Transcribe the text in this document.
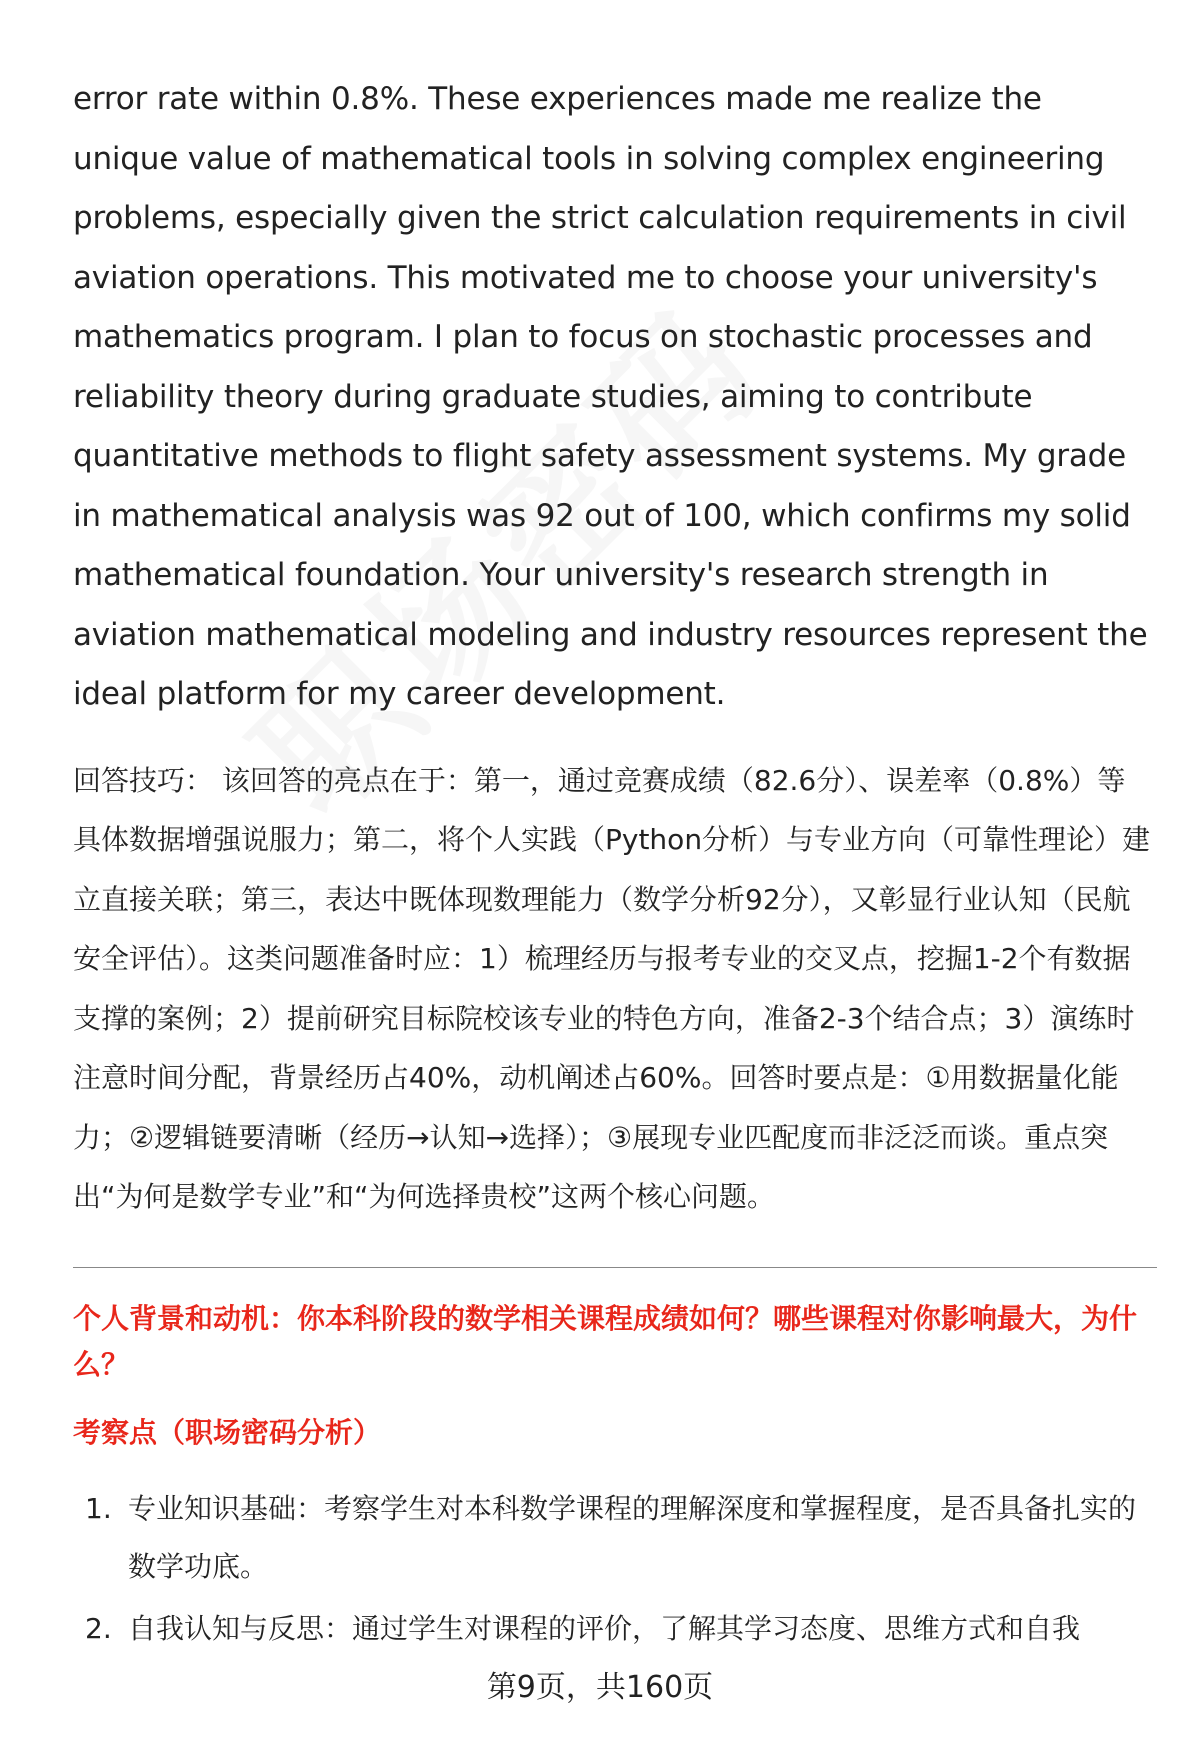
error rate within 0.8%. These experiences made me realize the unique value of mathematical tools in solving complex engineering problems, especially given the strict calculation requirements in civil aviation operations. This motivated me to choose your university's mathematics program. I plan to focus on stochastic processes and reliability theory during graduate studies, aiming to contribute quantitative methods to flight safety assessment systems. My grade in mathematical analysis was 92 out of 100, which confirms my solid mathematical foundation. Your university's research strength in aviation mathematical modeling and industry resources represent the ideal platform for my career development.

回答技巧： 该回答的亮点在于：第一，通过竞赛成绩（82.6分）、误差率（0.8%）等具体数据增强说服力；第二，将个人实践（Python分析）与专业方向（可靠性理论）建立直接关联；第三，表达中既体现数理能力（数学分析92分），又彰显行业认知（民航安全评估）。这类问题准备时应：1）梳理经历与报考专业的交叉点，挖掘1-2个有数据支撑的案例；2）提前研究目标院校该专业的特色方向，准备2-3个结合点；3）演练时注意时间分配，背景经历占40%，动机阐述占60%。回答时要点是：①用数据量化能力；②逻辑链要清晰（经历→认知→选择）；③展现专业匹配度而非泛泛而谈。重点突出“为何是数学专业”和“为何选择贵校”这两个核心问题。

个人背景和动机：你本科阶段的数学相关课程成绩如何？哪些课程对你影响最大，为什么？
考察点（职场密码分析）
1. 专业知识基础：考察学生对本科数学课程的理解深度和掌握程度，是否具备扎实的数学功底。
2. 自我认知与反思：通过学生对课程的评价，了解其学习态度、思维方式和自我
第9页，共160页
